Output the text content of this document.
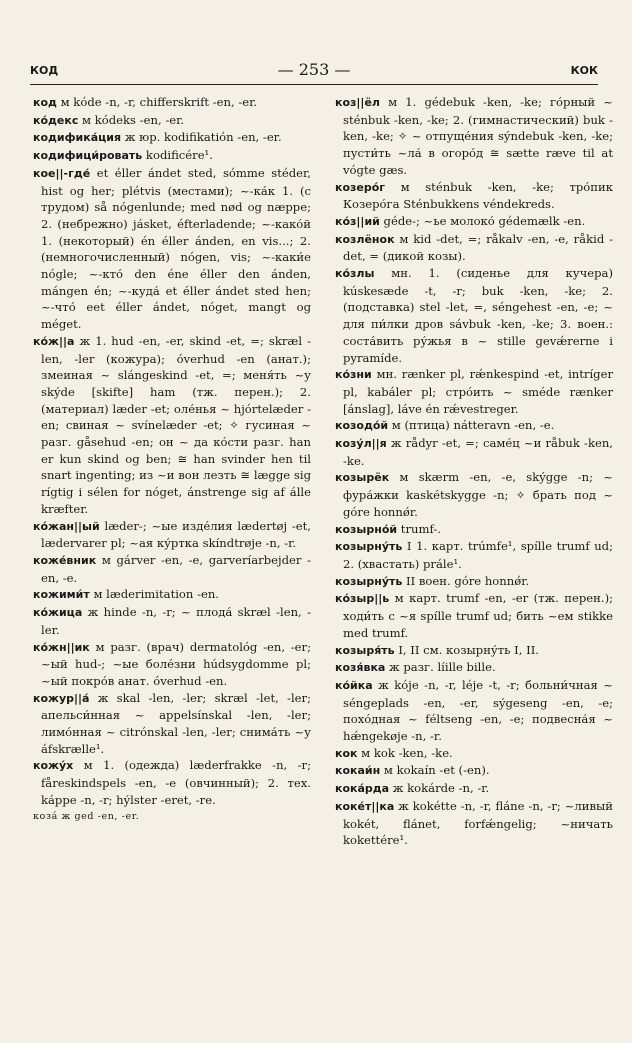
КОД	— 253 —	КОК

код м kóde -n, -r, chifferskrift -en, -er.

ко́декс м kódeks -en, -er.

кодифика́ция ж юр. kodifikatión -en, -er.

кодифици́ровать kodificére¹.

кое||-где́ et éller ándet sted, sómme stéder, hist og her; plétvis (местами); ~-ка́к 1. (с трудом) så nógenlunde; med nød og næppe; 2. (небрежно) jásket, éfterladende; ~-како́й 1. (некоторый) én éller ánden, en vis...; 2. (немногочисленный) nógen, vis; ~-каки́е nógle; ~-кто́ den éne éller den ánden, mángen én; ~-куда́ et éller ándet sted hen; ~-что́ eet éller ándet, nóget, mangt og méget.

ко́ж||а ж 1. hud -en, -er, skind -et, =; skræl -len, -ler (кожура); óverhud -en (анат.); змеиная ~ slángeskind -et, =; меня́ть ~у skýde [skifte] ham (тж. перен.); 2. (материал) læder -et; оле́нья ~ hjórtelæder -en; свиная ~ svínelæder -et; ✧ гусиная ~ разг. gåsehud -en; он ~ да ко́сти разг. han er kun skind og ben; ≅ han svinder hen til snart ingenting; из ~и вон лезть ≅ lægge sig rígtig i sélen for nóget, ánstrenge sig af álle kræfter.

ко́жан||ый læder-; ~ые изде́лия lædertøj -et, lædervarer pl; ~ая ку́ртка skíndtrøje -n, -r.

коже́вник м gárver -en, -e, garveríarbejder -en, -e.

кожими́т м læderimitation -en.

ко́жица ж hinde -n, -r; ~ плода́ skræl -len, -ler.

ко́жн||ик м разг. (врач) dermatológ -en, -er; ~ый hud-; ~ые боле́зни húdsygdomme pl; ~ый покро́в анат. óverhud -en.

кожур||а́ ж skal -len, -ler; skræl -let, -ler; апельси́нная ~ appelsínskal -len, -ler; лимо́нная ~ citrónskal -len, -ler; снима́ть ~у áfskrælle¹.

кожу́х м 1. (одежда) læderfrakke -n, -r; fåreskindspels -en, -e (овчинный); 2. тех. káppe -n, -r; hýlster -eret, -re.

коза́ ж ged -en, -er.

коз||ёл м 1. gédebuk -ken, -ke; го́рный ~ sténbuk -ken, -ke; 2. (гимнастический) buk -ken, -ke; ✧ ~ отпуще́ния sýndebuk -ken, -ke; пусти́ть ~ла́ в огоро́д ≅ sætte ræve til at vógte gæs.

козеро́г м sténbuk -ken, -ke; тро́пик Козеро́га Sténbukkens véndekreds.

ко́з||ий géde-; ~ье молоко́ gédemælk -en.

козлёнок м kid -det, =; råkalv -en, -e, råkid -det, = (дикой козы).

ко́злы мн. 1. (сиденье для кучера) kúskesæde -t, -r; buk -ken, -ke; 2. (подставка) stel -let, =, séngehest -en, -e; ~ для пи́лки дров sávbuk -ken, -ke; 3. воен.: соста́вить ру́жья в ~ stille gevǽrerne i pyramíde.

ко́зни мн. rænker pl, rǽnkespind -et, intríger pl, kabáler pl; стро́ить ~ sméde rænker [ánslag], láve én rǽvestreger.

козодо́й м (птица) nátteravn -en, -e.

козу́л||я ж rådyr -et, =; саме́ц ~и råbuk -ken, -ke.

козырёк м skærm -en, -e, skýgge -n; ~ фура́жки kaskétskygge -n; ✧ брать под ~ góre honnǿr.

козырно́й trumf-.

козырну́ть I 1. карт. trúmfe¹, spílle trumf ud; 2. (хвастать) prále¹.

козырну́ть II воен. góre honnǿr.

ко́зыр||ь м карт. trumf -en, -er (тж. перен.); ходи́ть с ~я spílle trumf ud; бить ~ем stikke med trumf.

козыря́ть I, II см. козырну́ть I, II.

козя́вка ж разг. líille bille.

ко́йка ж kóje -n, -r, léje -t, -r; больни́чная ~ séngeplads -en, -er, sýgeseng -en, -e; похо́дная ~ féltseng -en, -e; подвесна́я ~ hǽngekøje -n, -r.

кок м kok -ken, -ke.

кокаи́н м kokaín -et (-en).

кока́рда ж kokárde -n, -r.

коке́т||ка ж kokétte -n, -r, flánе -n, -r; ~ливый kokét, flánet, forfǽngelig; ~ничать kokettére¹.
